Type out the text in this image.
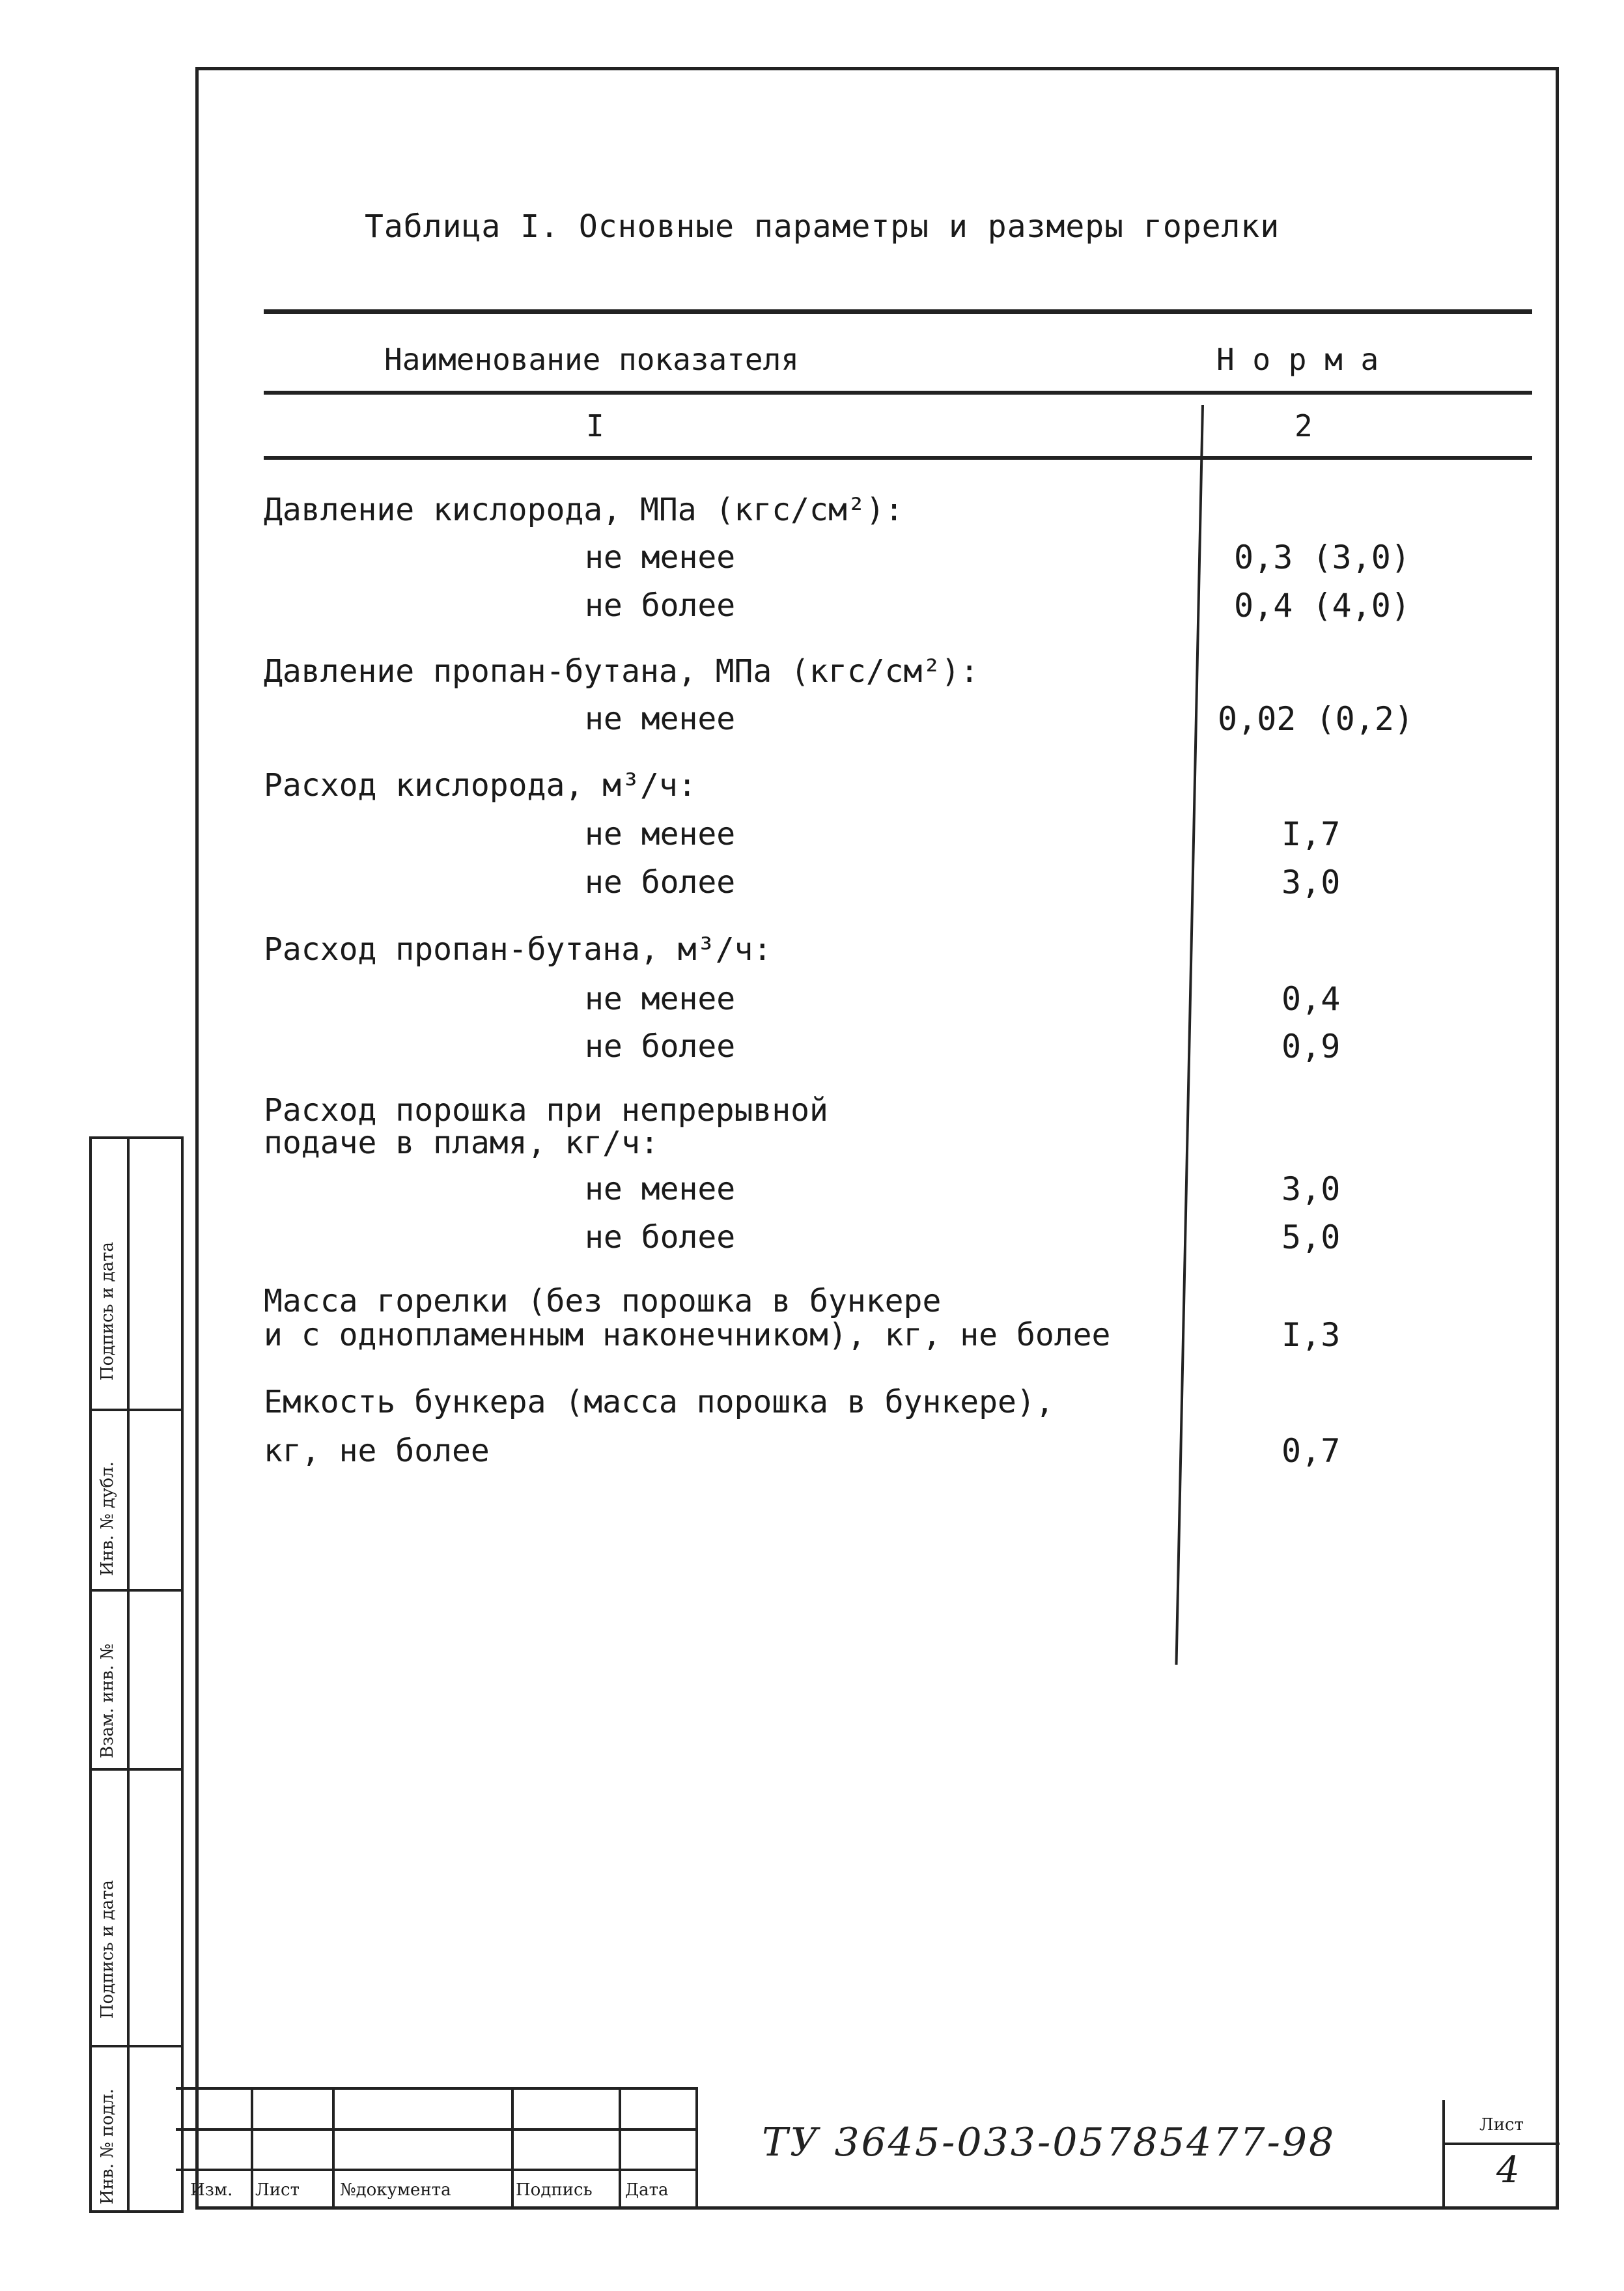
Таблица I. Основные параметры и размеры горелки
Наименование показателя	Н о р м а
I	2
Давление кислорода, МПа (кгс/см²):
не менее	0,3 (3,0)
не более	0,4 (4,0)
Давление пропан-бутана, МПа (кгс/см²):
не менее	0,02 (0,2)
Расход кислорода, м³/ч:
не менее	I,7
не более	3,0
Расход пропан-бутана, м³/ч:
не менее	0,4
не более	0,9
Расход порошка при непрерывной
подаче в пламя, кг/ч:
не менее	3,0
не более	5,0
Масса горелки (без порошка в бункере
и с однопламенным наконечником), кг, не более	I,3
Емкость бункера (масса порошка в бункере),
кг, не более	0,7
Подпись и дата
Инв. № дубл.
Взам. инв. №
Подпись и дата
Инв. № подл.	Изм. Лист №документа	Подпись Дата
ТУ 3645-033-05785477-98	Лист
4
